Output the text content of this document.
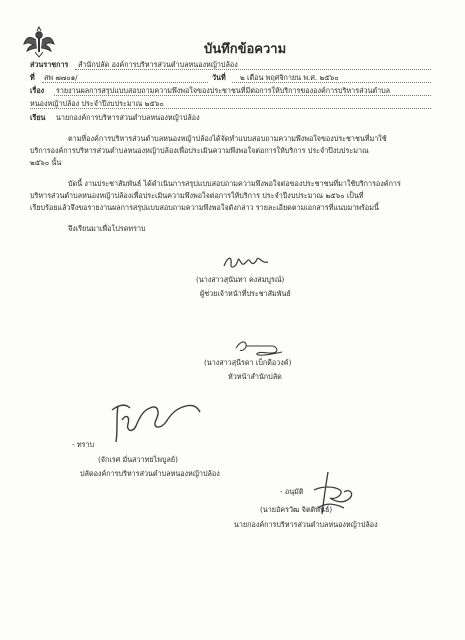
บันทึกข้อความ
ส่วนราชการ สำนักปลัด องค์การบริหารส่วนตำบลหนองหญ้าปล้อง
ที่ สพ ๗๗๐๑/	วันที่ ๒ เดือน พฤศจิกายน พ.ศ. ๒๕๖๐
เรื่อง รายงานผลการสรุปแบบสอบถามความพึงพอใจของประชาชนที่มีต่อการให้บริการขององค์การบริหารส่วนตำบล
หนองหญ้าปล้อง ประจำปีงบประมาณ ๒๕๖๐
เรียน นายกองค์การบริหารส่วนตำบลหนองหญ้าปล้อง
ตามที่องค์การบริหารส่วนตำบลหนองหญ้าปล้องได้จัดทำแบบสอบถามความพึงพอใจของประชาชนที่มาใช้
บริการองค์การบริหารส่วนตำบลหนองหญ้าปล้องเพื่อประเมินความพึงพอใจต่อการให้บริการ ประจำปีงบประมาณ
๒๕๖๐ นั้น
บัดนี้ งานประชาสัมพันธ์ ได้ดำเนินการสรุปแบบสอบถามความพึงพอใจต่อของประชาชนที่มาใช้บริการองค์การ
บริหารส่วนตำบลหนองหญ้าปล้องเพื่อประเมินความพึงพอใจต่อการให้บริการ ประจำปีงบประมาณ ๒๕๖๐ เป็นที่
เรียบร้อยแล้วจึงขอรายงานผลการสรุปแบบสอบถามความพึงพอใจดังกล่าว รายละเอียดตามเอกสารที่แนบมาพร้อมนี้
จึงเรียนมาเพื่อโปรดทราบ
(นางสาวสุนันทา คงสมบูรณ์)
ผู้ช่วยเจ้าหน้าที่ประชาสัมพันธ์
(นางสาวสุนีรดา เบ็กดีอวงค์)
หัวหน้าสำนักปลัด
- ทราบ
(จักเรศ มั่นสวาทยไพบูลย์)
ปลัดองค์การบริหารส่วนตำบลหนองหญ้าปล้อง
- อนุมัติ
(นายอัครวัฒ จิตติพันธ์)
นายกองค์การบริหารส่วนตำบลหนองหญ้าปล้อง
